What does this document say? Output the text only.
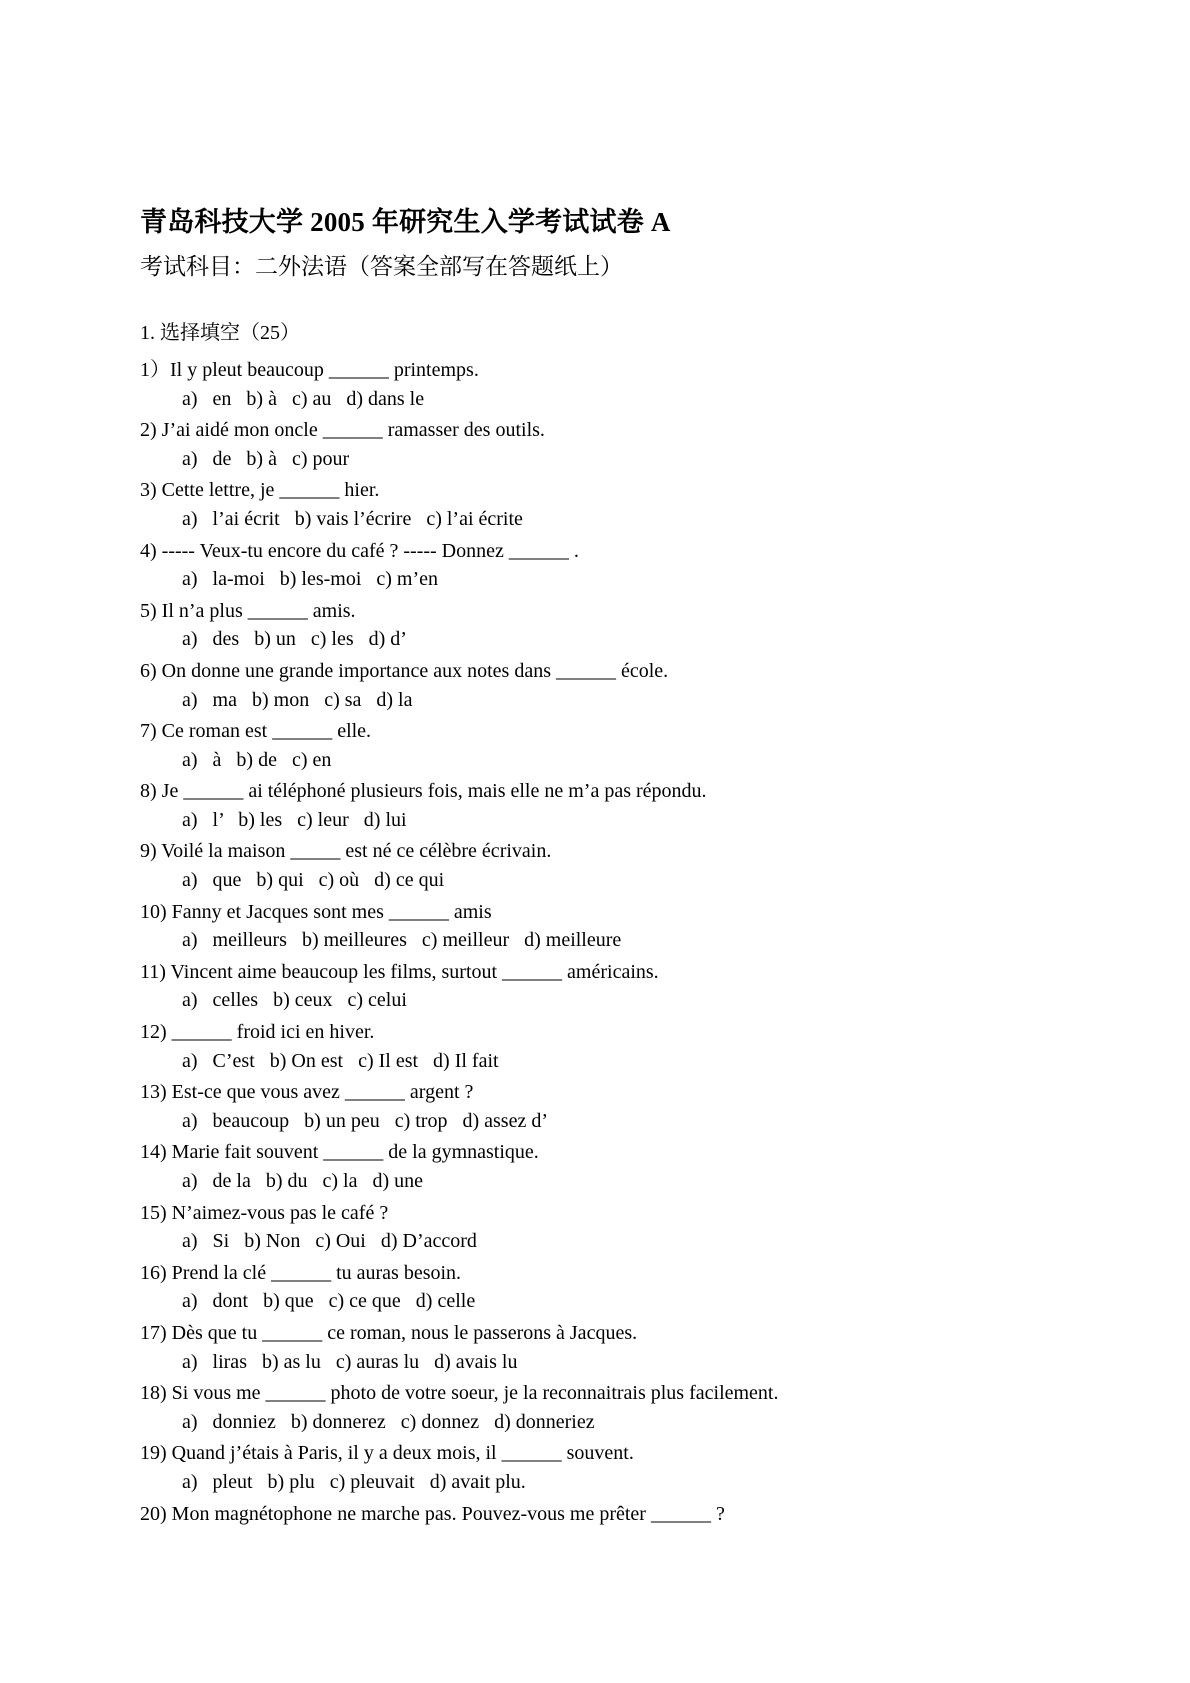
青岛科技大学 2005 年研究生入学考试试卷 A
考试科目：二外法语（答案全部写在答题纸上）
1. 选择填空（25）

1）Il y pleut beaucoup ______ printemps.

a)   en   b) à   c) au   d) dans le

2) J’ai aidé mon oncle ______ ramasser des outils.

a)   de   b) à   c) pour

3) Cette lettre, je ______ hier.

a)   l’ai écrit   b) vais l’écrire   c) l’ai écrite

4) ----- Veux-tu encore du café ? ----- Donnez ______ .

a)   la-moi   b) les-moi   c) m’en

5) Il n’a plus ______ amis.

a)   des   b) un   c) les   d) d’

6) On donne une grande importance aux notes dans ______ école.

a)   ma   b) mon   c) sa   d) la

7) Ce roman est ______ elle.

a)   à   b) de   c) en

8) Je ______ ai téléphoné plusieurs fois, mais elle ne m’a pas répondu.

a)   l’   b) les   c) leur   d) lui

9) Voilé la maison _____ est né ce célèbre écrivain.

a)   que   b) qui   c) où   d) ce qui

10) Fanny et Jacques sont mes ______ amis

a)   meilleurs   b) meilleures   c) meilleur   d) meilleure

11) Vincent aime beaucoup les films, surtout ______ américains.

a)   celles   b) ceux   c) celui

12) ______ froid ici en hiver.

a)   C’est   b) On est   c) Il est   d) Il fait

13) Est-ce que vous avez ______ argent ?

a)   beaucoup   b) un peu   c) trop   d) assez d’

14) Marie fait souvent ______ de la gymnastique.

a)   de la   b) du   c) la   d) une

15) N’aimez-vous pas le café ?

a)   Si   b) Non   c) Oui   d) D’accord

16) Prend la clé ______ tu auras besoin.

a)   dont   b) que   c) ce que   d) celle

17) Dès que tu ______ ce roman, nous le passerons à Jacques.

a)   liras   b) as lu   c) auras lu   d) avais lu

18) Si vous me ______ photo de votre soeur, je la reconnaitrais plus facilement.

a)   donniez   b) donnerez   c) donnez   d) donneriez

19) Quand j’étais à Paris, il y a deux mois, il ______ souvent.

a)   pleut   b) plu   c) pleuvait   d) avait plu.

20) Mon magnétophone ne marche pas. Pouvez-vous me prêter ______ ?
